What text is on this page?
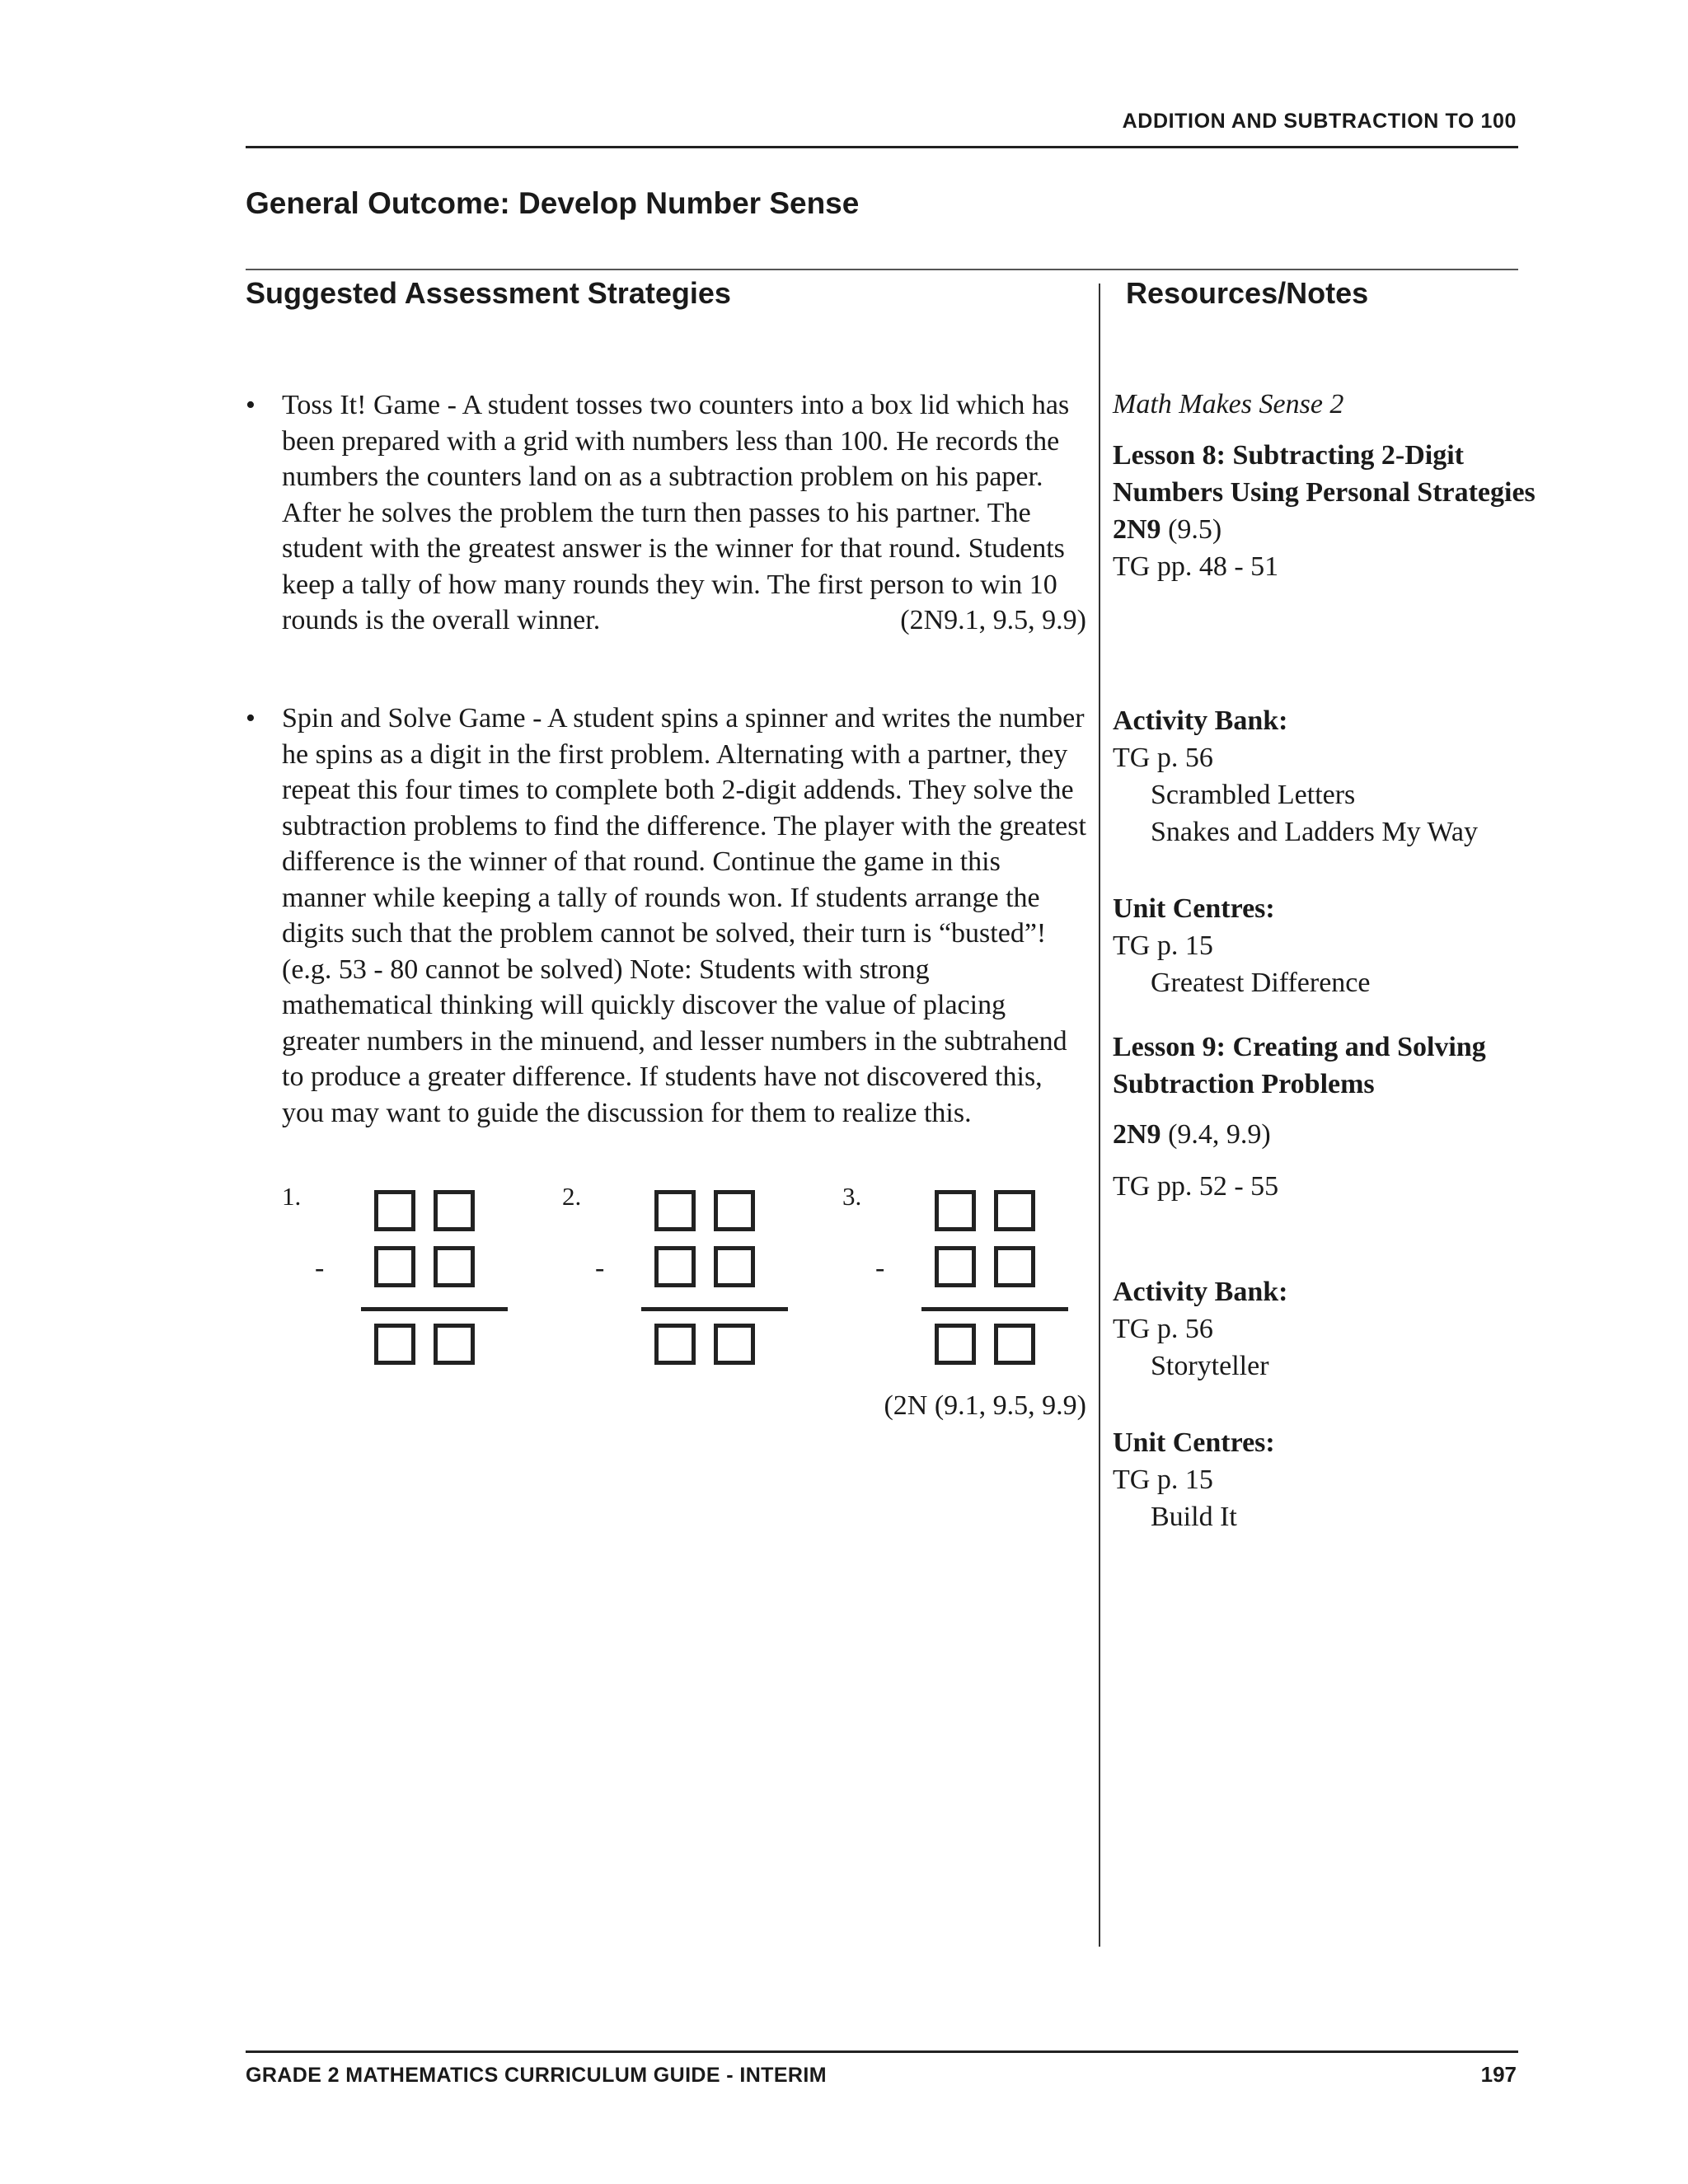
ADDITION AND SUBTRACTION TO 100
General Outcome: Develop Number Sense
Suggested Assessment Strategies	Resources/Notes
• Toss It! Game - A student tosses two counters into a box lid which has been prepared with a grid with numbers less than 100. He records the numbers the counters land on as a subtraction problem on his paper. After he solves the problem the turn then passes to his partner. The student with the greatest answer is the winner for that round. Students keep a tally of how many rounds they win. The first person to win 10 rounds is the overall winner.	(2N9.1, 9.5, 9.9)
• Spin and Solve Game - A student spins a spinner and writes the number he spins as a digit in the first problem. Alternating with a partner, they repeat this four times to complete both 2-digit addends. They solve the subtraction problems to find the difference. The player with the greatest difference is the winner of that round. Continue the game in this manner while keeping a tally of rounds won. If students arrange the digits such that the problem cannot be solved, their turn is “busted”! (e.g. 53 - 80 cannot be solved) Note: Students with strong mathematical thinking will quickly discover the value of placing greater numbers in the minuend, and lesser numbers in the subtrahend to produce a greater difference. If students have not discovered this, you may want to guide the discussion for them to realize this.
1.
-
2.
-
3.
-
(2N (9.1, 9.5, 9.9)

Math Makes Sense 2

Lesson 8: Subtracting 2-Digit Numbers Using Personal Strategies

2N9 (9.5)

TG pp. 48 - 51

Activity Bank:

TG p. 56

Scrambled Letters

Snakes and Ladders My Way

Unit Centres:

TG p. 15

Greatest Difference

Lesson 9: Creating and Solving Subtraction Problems

2N9 (9.4, 9.9)

TG pp. 52 - 55

Activity Bank:

TG p. 56

Storyteller

Unit Centres:

TG p. 15

Build It

GRADE 2 MATHEMATICS CURRICULUM GUIDE - INTERIM	197
